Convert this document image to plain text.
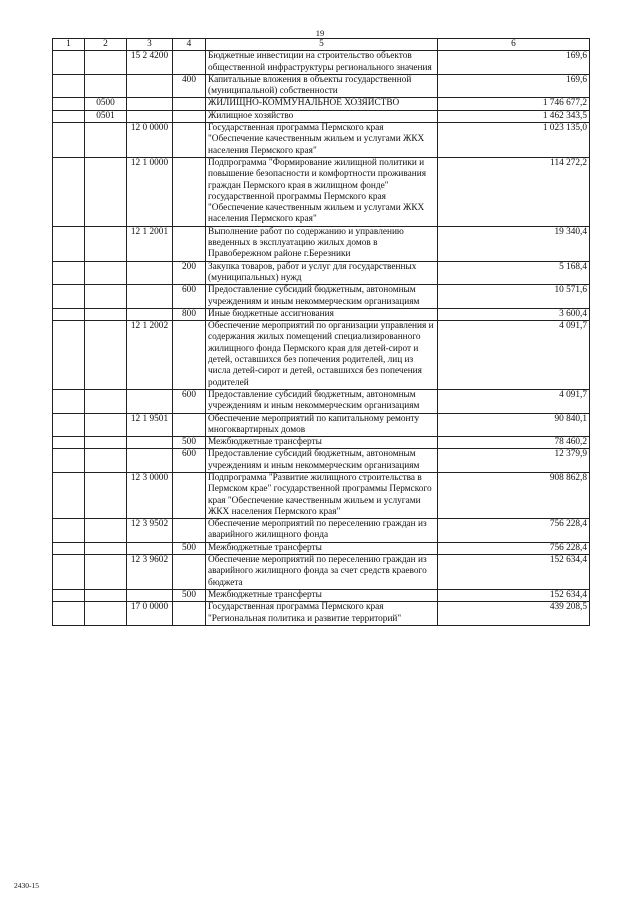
19
1	2	3	4	5	6
		15 2 4200		Бюджетные инвестиции на строительство объектов общественной инфраструктуры регионального значения	169,6
			400	Капитальные вложения в объекты государственной (муниципальной) собственности	169,6
	0500			ЖИЛИЩНО-КОММУНАЛЬНОЕ ХОЗЯЙСТВО	1 746 677,2
	0501			Жилищное хозяйство	1 462 343,5
		12 0 0000		Государственная программа Пермского края "Обеспечение качественным жильем и услугами ЖКХ населения Пермского края"	1 023 135,0
		12 1 0000		Подпрограмма "Формирование жилищной политики и повышение безопасности и комфортности проживания граждан Пермского края в жилищном фонде" государственной программы Пермского края "Обеспечение качественным жильем и услугами ЖКХ населения Пермского края"	114 272,2
		12 1 2001		Выполнение работ по содержанию и управлению введенных в эксплуатацию жилых домов в Правобережном районе г.Березники	19 340,4
			200	Закупка товаров, работ и услуг для государственных (муниципальных) нужд	5 168,4
			600	Предоставление субсидий бюджетным, автономным учреждениям и иным некоммерческим организациям	10 571,6
			800	Иные бюджетные ассигнования	3 600,4
		12 1 2002		Обеспечение мероприятий по организации управления и содержания жилых помещений специализированного жилищного фонда Пермского края для детей-сирот и детей, оставшихся без попечения родителей, лиц из числа детей-сирот и детей, оставшихся без попечения родителей	4 091,7
			600	Предоставление субсидий бюджетным, автономным учреждениям и иным некоммерческим организациям	4 091,7
		12 1 9501		Обеспечение мероприятий по капитальному ремонту многоквартирных домов	90 840,1
			500	Межбюджетные трансферты	78 460,2
			600	Предоставление субсидий бюджетным, автономным учреждениям и иным некоммерческим организациям	12 379,9
		12 3 0000		Подпрограмма "Развитие жилищного строительства в Пермском крае" государственной программы Пермского края "Обеспечение качественным жильем и услугами ЖКХ населения Пермского края"	908 862,8
		12 3 9502		Обеспечение мероприятий по переселению граждан из аварийного жилищного фонда	756 228,4
			500	Межбюджетные трансферты	756 228,4
		12 3 9602		Обеспечение мероприятий по переселению граждан из аварийного жилищного фонда за счет средств краевого бюджета	152 634,4
			500	Межбюджетные трансферты	152 634,4
		17 0 0000		Государственная программа Пермского края "Региональная политика и развитие территорий"	439 208,5
2430-15
